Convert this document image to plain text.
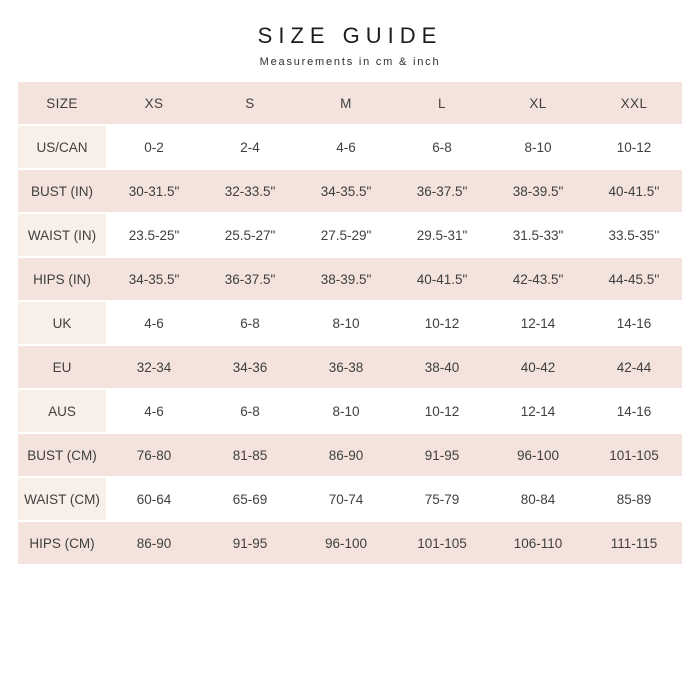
SIZE GUIDE
Measurements in cm & inch
SIZE	XS	S	M	L	XL	XXL
US/CAN	0-2	2-4	4-6	6-8	8-10	10-12
BUST (IN)	30-31.5"	32-33.5"	34-35.5"	36-37.5"	38-39.5"	40-41.5''
WAIST (IN)	23.5-25"	25.5-27"	27.5-29"	29.5-31"	31.5-33"	33.5-35''
HIPS (IN)	34-35.5"	36-37.5"	38-39.5"	40-41.5"	42-43.5"	44-45.5''
UK	4-6	6-8	8-10	10-12	12-14	14-16
EU	32-34	34-36	36-38	38-40	40-42	42-44
AUS	4-6	6-8	8-10	10-12	12-14	14-16
BUST (CM)	76-80	81-85	86-90	91-95	96-100	101-105
WAIST (CM)	60-64	65-69	70-74	75-79	80-84	85-89
HIPS (CM)	86-90	91-95	96-100	101-105	106-110	111-115
